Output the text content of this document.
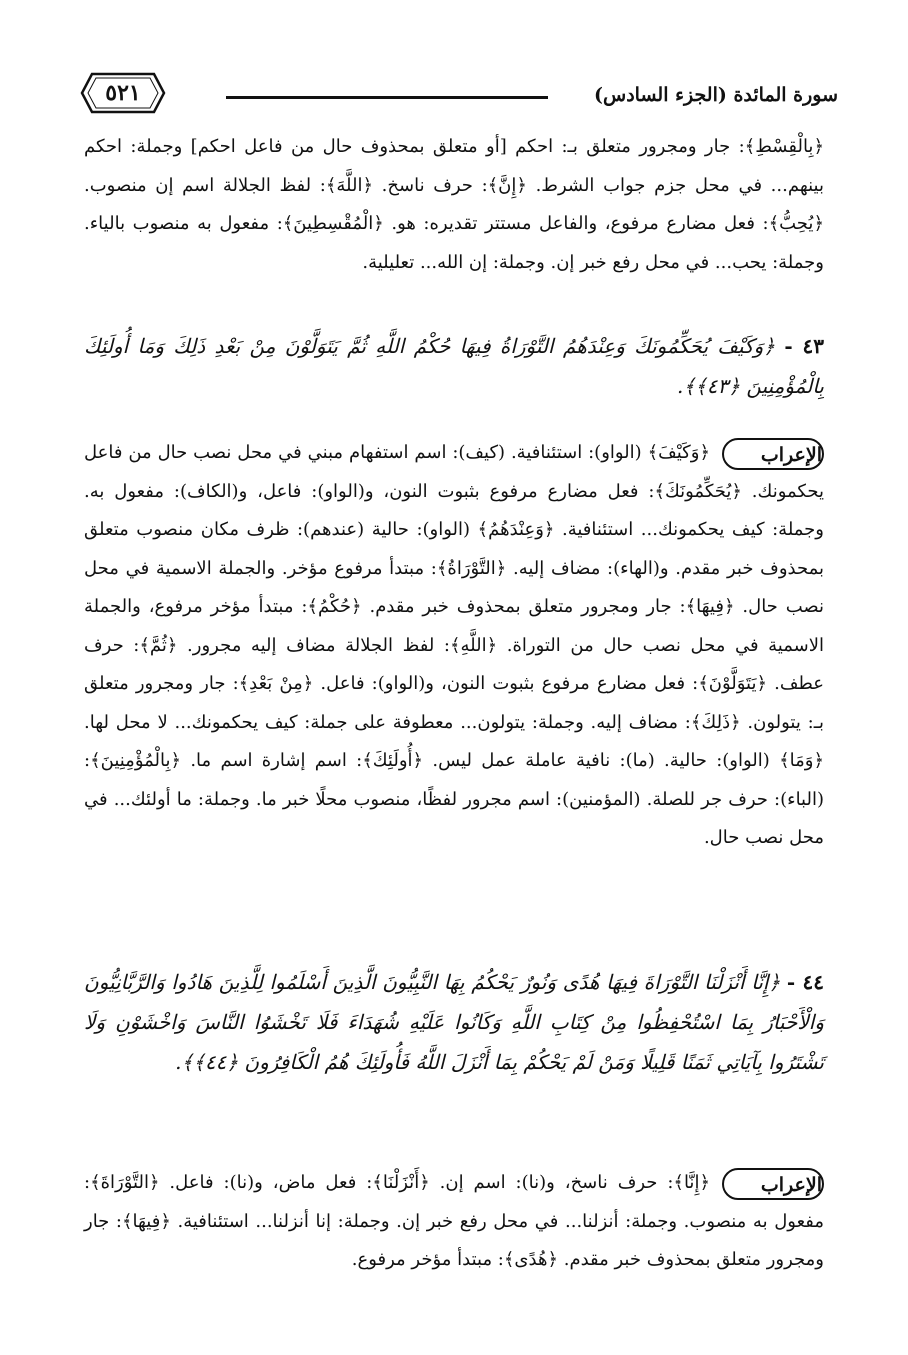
سورة المائدة (الجزء السادس)
٥٢١
﴿بِالْقِسْطِ﴾: جار ومجرور متعلق بـ: احكم [أو متعلق بمحذوف حال من فاعل احكم] وجملة: احكم بينهم... في محل جزم جواب الشرط. ﴿إِنَّ﴾: حرف ناسخ. ﴿اللَّهَ﴾: لفظ الجلالة اسم إن منصوب. ﴿يُحِبُّ﴾: فعل مضارع مرفوع، والفاعل مستتر تقديره: هو. ﴿الْمُقْسِطِينَ﴾: مفعول به منصوب بالياء. وجملة: يحب... في محل رفع خبر إن. وجملة: إن الله... تعليلية.
٤٣ - ﴿وَكَيْفَ يُحَكِّمُونَكَ وَعِنْدَهُمُ التَّوْرَاةُ فِيهَا حُكْمُ اللَّهِ ثُمَّ يَتَوَلَّوْنَ مِنْ بَعْدِ ذَلِكَ وَمَا أُولَئِكَ بِالْمُؤْمِنِينَ ﴿٤٣﴾﴾.
الإعراب
﴿وَكَيْفَ﴾ (الواو): استئنافية. (كيف): اسم استفهام مبني في محل نصب حال من فاعل يحكمونك. ﴿يُحَكِّمُونَكَ﴾: فعل مضارع مرفوع بثبوت النون، و(الواو): فاعل، و(الكاف): مفعول به. وجملة: كيف يحكمونك... استئنافية. ﴿وَعِنْدَهُمُ﴾ (الواو): حالية (عندهم): ظرف مكان منصوب متعلق بمحذوف خبر مقدم. و(الهاء): مضاف إليه. ﴿التَّوْرَاةُ﴾: مبتدأ مرفوع مؤخر. والجملة الاسمية في محل نصب حال. ﴿فِيهَا﴾: جار ومجرور متعلق بمحذوف خبر مقدم. ﴿حُكْمُ﴾: مبتدأ مؤخر مرفوع، والجملة الاسمية في محل نصب حال من التوراة. ﴿اللَّهِ﴾: لفظ الجلالة مضاف إليه مجرور. ﴿ثُمَّ﴾: حرف عطف. ﴿يَتَوَلَّوْنَ﴾: فعل مضارع مرفوع بثبوت النون، و(الواو): فاعل. ﴿مِنْ بَعْدِ﴾: جار ومجرور متعلق بـ: يتولون. ﴿ذَلِكَ﴾: مضاف إليه. وجملة: يتولون... معطوفة على جملة: كيف يحكمونك... لا محل لها. ﴿وَمَا﴾ (الواو): حالية. (ما): نافية عاملة عمل ليس. ﴿أُولَئِكَ﴾: اسم إشارة اسم ما. ﴿بِالْمُؤْمِنِينَ﴾: (الباء): حرف جر للصلة. (المؤمنين): اسم مجرور لفظًا، منصوب محلًا خبر ما. وجملة: ما أولئك... في محل نصب حال.
٤٤ - ﴿إِنَّا أَنْزَلْنَا التَّوْرَاةَ فِيهَا هُدًى وَنُورٌ يَحْكُمُ بِهَا النَّبِيُّونَ الَّذِينَ أَسْلَمُوا لِلَّذِينَ هَادُوا وَالرَّبَّانِيُّونَ وَالْأَحْبَارُ بِمَا اسْتُحْفِظُوا مِنْ كِتَابِ اللَّهِ وَكَانُوا عَلَيْهِ شُهَدَاءَ فَلَا تَخْشَوُا النَّاسَ وَاخْشَوْنِ وَلَا تَشْتَرُوا بِآيَاتِي ثَمَنًا قَلِيلًا وَمَنْ لَمْ يَحْكُمْ بِمَا أَنْزَلَ اللَّهُ فَأُولَئِكَ هُمُ الْكَافِرُونَ ﴿٤٤﴾﴾.
الإعراب
﴿إِنَّا﴾: حرف ناسخ، و(نا): اسم إن. ﴿أَنْزَلْنَا﴾: فعل ماض، و(نا): فاعل. ﴿التَّوْرَاةَ﴾: مفعول به منصوب. وجملة: أنزلنا... في محل رفع خبر إن. وجملة: إنا أنزلنا... استئنافية. ﴿فِيهَا﴾: جار ومجرور متعلق بمحذوف خبر مقدم. ﴿هُدًى﴾: مبتدأ مؤخر مرفوع.
